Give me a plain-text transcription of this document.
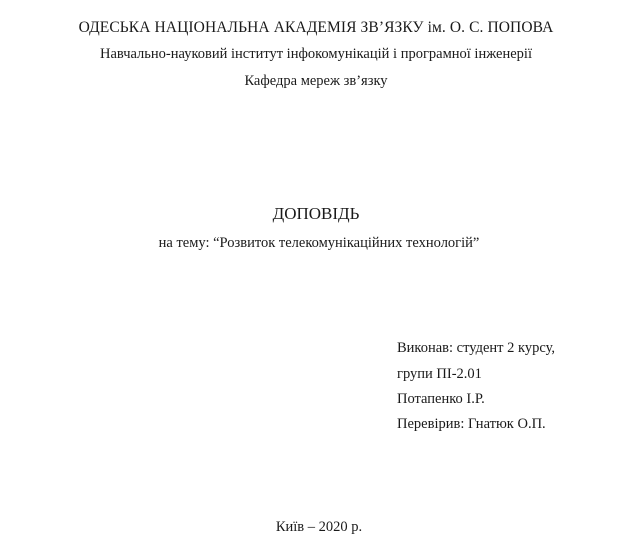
ОДЕСЬКА НАЦІОНАЛЬНА АКАДЕМІЯ ЗВ’ЯЗКУ ім. О. С. ПОПОВА
Навчально-науковий інститут інфокомунікацій і програмної інженерії
Кафедра мереж зв’язку
ДОПОВІДЬ
на тему: “Розвиток телекомунікаційних технологій”
Виконав: студент 2 курсу,
групи ПІ-2.01
Потапенко І.Р.
Перевірив: Гнатюк О.П.
Київ – 2020 р.
